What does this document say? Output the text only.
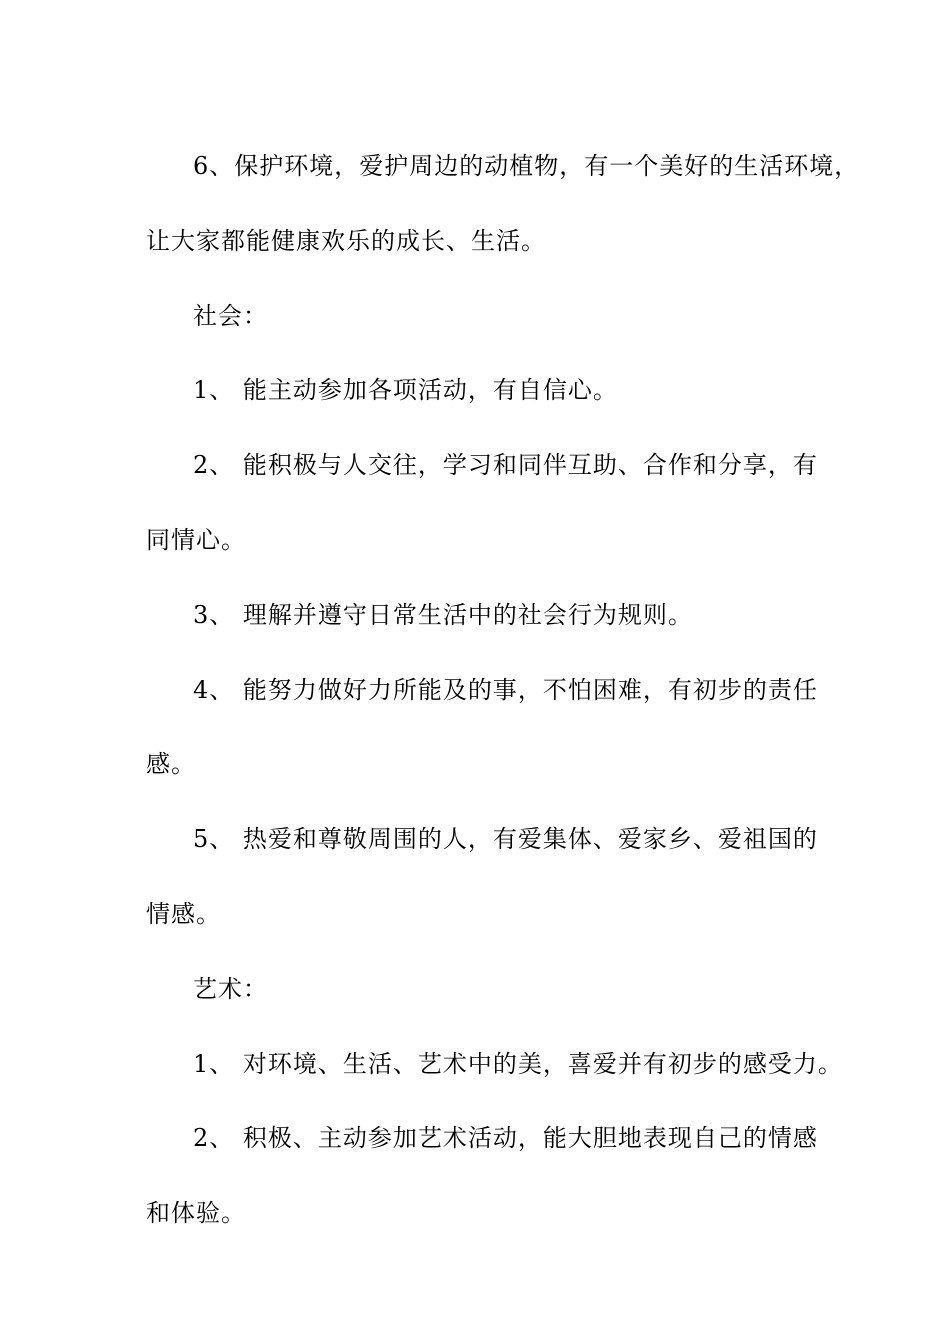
6、保护环境，爱护周边的动植物，有一个美好的生活环境，
让大家都能健康欢乐的成长、生活。
社会：
1、 能主动参加各项活动，有自信心。
2、 能积极与人交往，学习和同伴互助、合作和分享，有
同情心。
3、 理解并遵守日常生活中的社会行为规则。
4、 能努力做好力所能及的事，不怕困难，有初步的责任
感。
5、 热爱和尊敬周围的人，有爱集体、爱家乡、爱祖国的
情感。
艺术：
1、 对环境、生活、艺术中的美，喜爱并有初步的感受力。
2、 积极、主动参加艺术活动，能大胆地表现自己的情感
和体验。
